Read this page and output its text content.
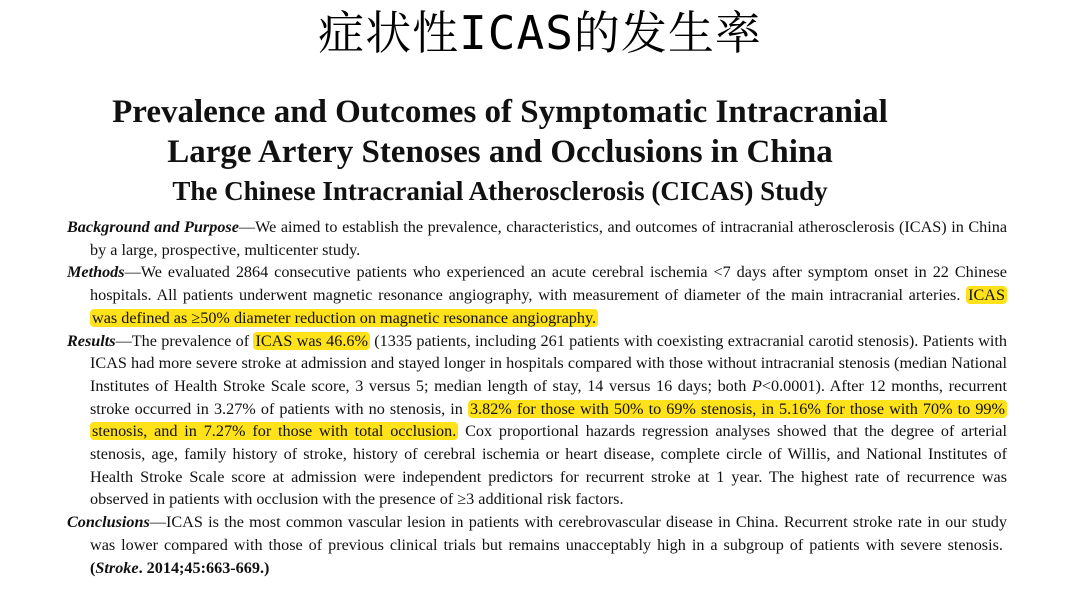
症状性ICAS的发生率
Prevalence and Outcomes of Symptomatic Intracranial
Large Artery Stenoses and Occlusions in China
The Chinese Intracranial Atherosclerosis (CICAS) Study

Background and Purpose—We aimed to establish the prevalence, characteristics, and outcomes of intracranial atherosclerosis (ICAS) in China by a large, prospective, multicenter study.

Methods—We evaluated 2864 consecutive patients who experienced an acute cerebral ischemia <7 days after symptom onset in 22 Chinese hospitals. All patients underwent magnetic resonance angiography, with measurement of diameter of the main intracranial arteries. ICAS was defined as ≥50% diameter reduction on magnetic resonance angiography.

Results—The prevalence of ICAS was 46.6% (1335 patients, including 261 patients with coexisting extracranial carotid stenosis). Patients with ICAS had more severe stroke at admission and stayed longer in hospitals compared with those without intracranial stenosis (median National Institutes of Health Stroke Scale score, 3 versus 5; median length of stay, 14 versus 16 days; both P<0.0001). After 12 months, recurrent stroke occurred in 3.27% of patients with no stenosis, in 3.82% for those with 50% to 69% stenosis, in 5.16% for those with 70% to 99% stenosis, and in 7.27% for those with total occlusion. Cox proportional hazards regression analyses showed that the degree of arterial stenosis, age, family history of stroke, history of cerebral ischemia or heart disease, complete circle of Willis, and National Institutes of Health Stroke Scale score at admission were independent predictors for recurrent stroke at 1 year. The highest rate of recurrence was observed in patients with occlusion with the presence of ≥3 additional risk factors.

Conclusions—ICAS is the most common vascular lesion in patients with cerebrovascular disease in China. Recurrent stroke rate in our study was lower compared with those of previous clinical trials but remains unacceptably high in a subgroup of patients with severe stenosis.  (Stroke. 2014;45:663-669.)
